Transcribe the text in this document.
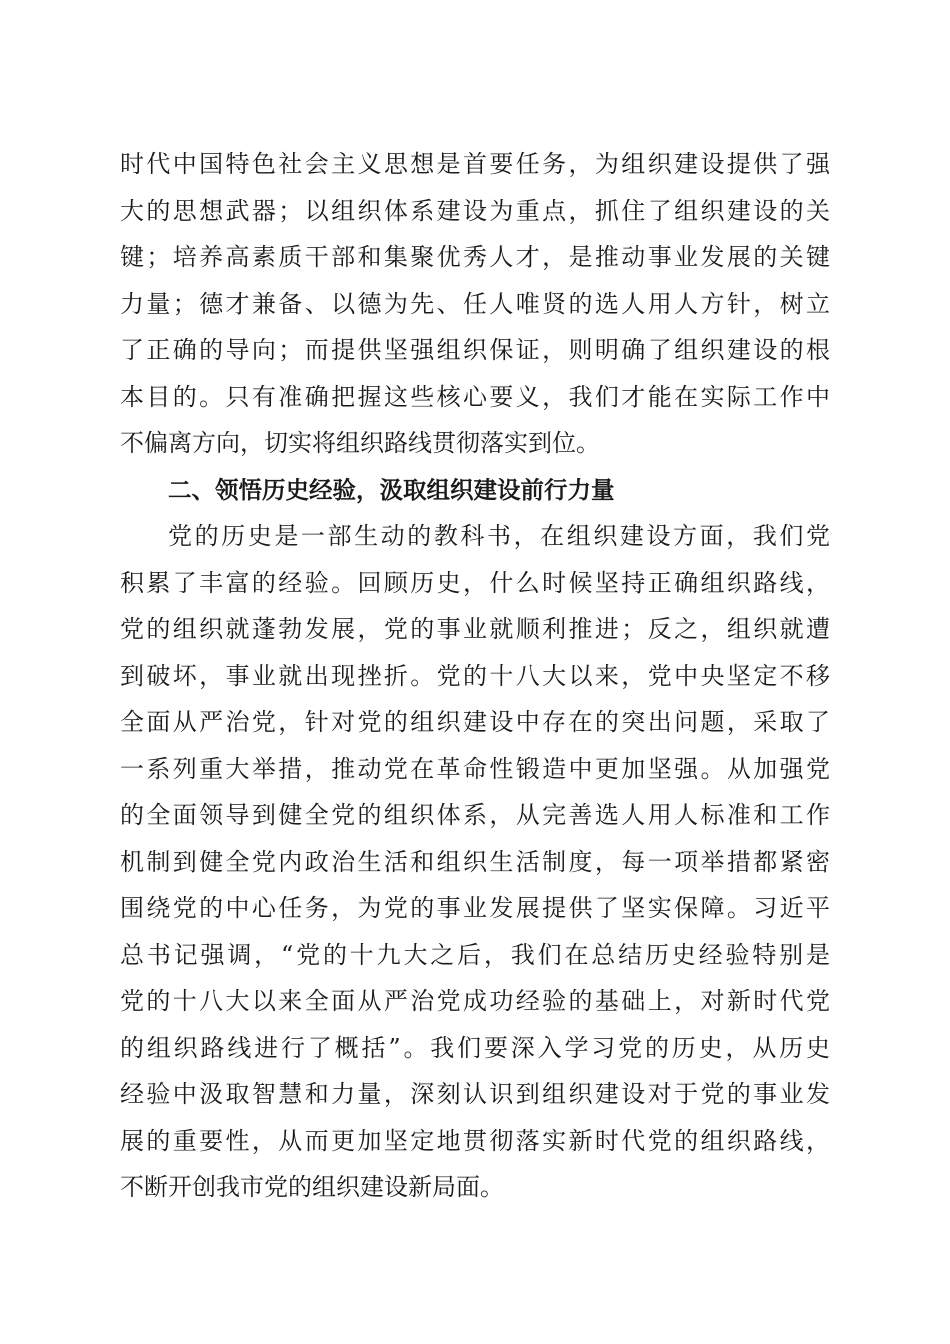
时代中国特色社会主义思想是首要任务，为组织建设提供了强
大的思想武器；以组织体系建设为重点，抓住了组织建设的关
键；培养高素质干部和集聚优秀人才，是推动事业发展的关键
力量；德才兼备、以德为先、任人唯贤的选人用人方针，树立
了正确的导向；而提供坚强组织保证，则明确了组织建设的根
本目的。只有准确把握这些核心要义，我们才能在实际工作中
不偏离方向，切实将组织路线贯彻落实到位。
二、领悟历史经验，汲取组织建设前行力量
党的历史是一部生动的教科书，在组织建设方面，我们党
积累了丰富的经验。回顾历史，什么时候坚持正确组织路线，
党的组织就蓬勃发展，党的事业就顺利推进；反之，组织就遭
到破坏，事业就出现挫折。党的十八大以来，党中央坚定不移
全面从严治党，针对党的组织建设中存在的突出问题，采取了
一系列重大举措，推动党在革命性锻造中更加坚强。从加强党
的全面领导到健全党的组织体系，从完善选人用人标准和工作
机制到健全党内政治生活和组织生活制度，每一项举措都紧密
围绕党的中心任务，为党的事业发展提供了坚实保障。习近平
总书记强调，“党的十九大之后，我们在总结历史经验特别是
党的十八大以来全面从严治党成功经验的基础上，对新时代党
的组织路线进行了概括”。我们要深入学习党的历史，从历史
经验中汲取智慧和力量，深刻认识到组织建设对于党的事业发
展的重要性，从而更加坚定地贯彻落实新时代党的组织路线，
不断开创我市党的组织建设新局面。
